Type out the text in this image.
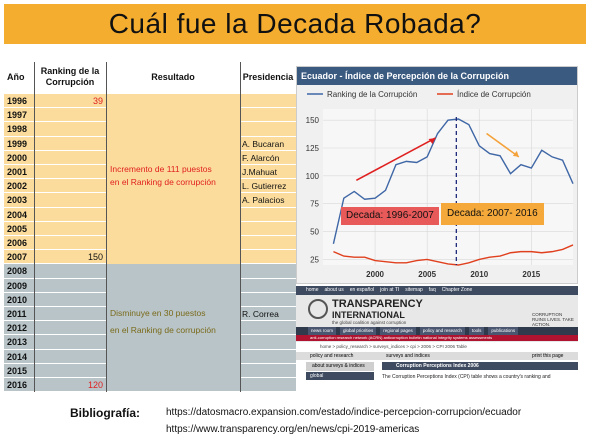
Cuál fue la Decada Robada?
Año
Ranking de la Corrupción
Resultado	Presidencia
1996	39
1997
1998
1999	A. Bucaran
2000	F. Alarcón
2001	J.Mahuat
2002	L. Gutierrez
2003	A. Palacios
2004
2005
2006
2007	150
2008
2009
2010
2011	R. Correa
2012
2013
2014
2015
2016	120
Incremento de 111 puestos
en el Ranking de corrupción
Disminuye en 30 puestos
en el Ranking de corrupción
Ecuador - Índice de Percepción de la Corrupción
25
50
75
100
125
150
2000	2005	2010	2015
Ranking de la Corrupción	Índice de Corrupción
Decada: 1996-2007	Decada: 2007- 2016
home about us en español join at TI sitemap faq Chapter Zone
TRANSPARENCY
INTERNATIONAL
the global coalition against corruption
CORRUPTION RUINS LIVES. TAKE ACTION.
news room	global priorities	regional pages	policy and research	tools	publications
anti-corruption research network (ACRN) anticorruption bulletin national integrity systems assessments
home > policy_research > surveys_indices > cpi > 2006 > CPI 2006 Table
policy and research	surveys and indices	print this page
about surveys & indices
global
Corruption Perceptions Index 2006
The Corruption Perceptions Index (CPI) table shows a country's ranking and
Bibliografía:	https://datosmacro.expansion.com/estado/indice-percepcion-corrupcion/ecuador
https://www.transparency.org/en/news/cpi-2019-americas
